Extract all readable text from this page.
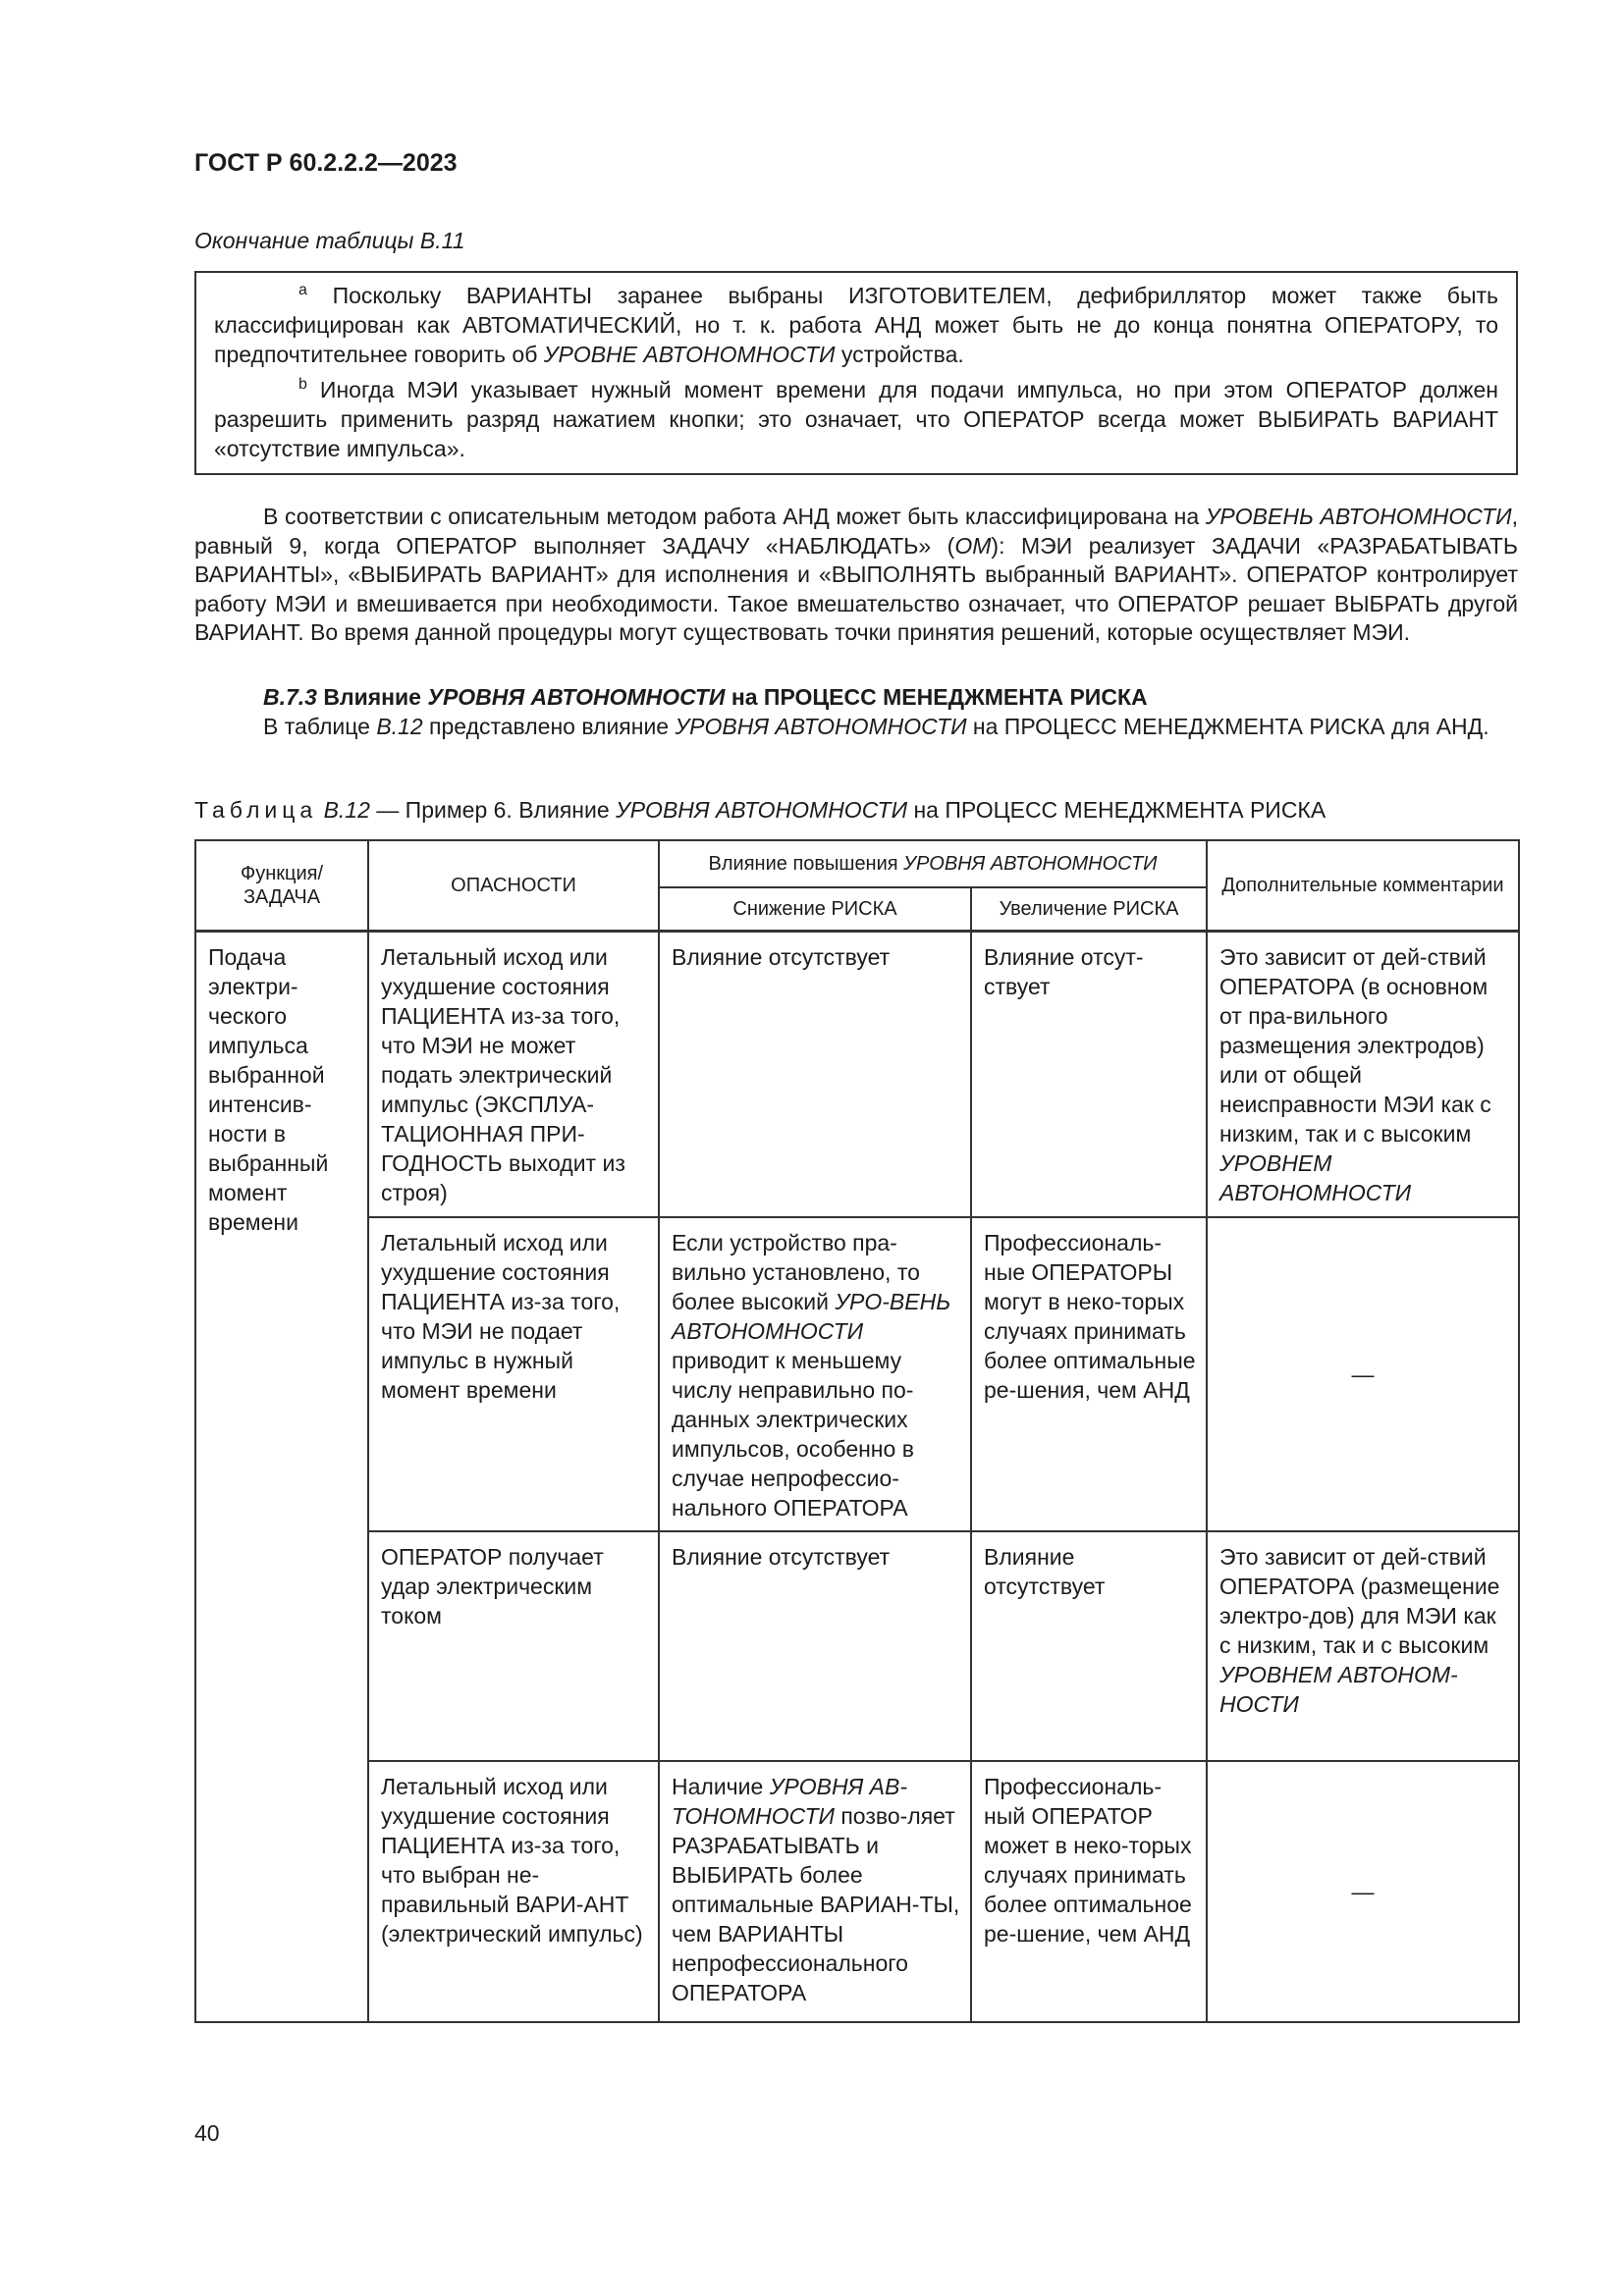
ГОСТ Р 60.2.2.2—2023
Окончание таблицы В.11

$^a$ Поскольку ВАРИАНТЫ заранее выбраны ИЗГОТОВИТЕЛЕМ, дефибриллятор может также быть классифицирован как АВТОМАТИЧЕСКИЙ, но т. к. работа АНД может быть не до конца понятна ОПЕРАТОРУ, то предпочтительнее говорить об УРОВНЕ АВТОНОМНОСТИ устройства.

$^b$ Иногда МЭИ указывает нужный момент времени для подачи импульса, но при этом ОПЕРАТОР должен разрешить применить разряд нажатием кнопки; это означает, что ОПЕРАТОР всегда может ВЫБИРАТЬ ВАРИАНТ «отсутствие импульса».

В соответствии с описательным методом работа АНД может быть классифицирована на УРОВЕНЬ АВТОНОМНОСТИ, равный 9, когда ОПЕРАТОР выполняет ЗАДАЧУ «НАБЛЮДАТЬ» (ОМ): МЭИ реализует ЗАДАЧИ «РАЗРАБАТЫВАТЬ ВАРИАНТЫ», «ВЫБИРАТЬ ВАРИАНТ» для исполнения и «ВЫПОЛНЯТЬ выбранный ВАРИАНТ». ОПЕРАТОР контролирует работу МЭИ и вмешивается при необходимости. Такое вмешательство означает, что ОПЕРАТОР решает ВЫБРАТЬ другой ВАРИАНТ. Во время данной процедуры могут существовать точки принятия решений, которые осуществляет МЭИ.

В.7.3 Влияние УРОВНЯ АВТОНОМНОСТИ на ПРОЦЕСС МЕНЕДЖМЕНТА РИСКА

В таблице В.12 представлено влияние УРОВНЯ АВТОНОМНОСТИ на ПРОЦЕСС МЕНЕДЖМЕНТА РИСКА для АНД.

Таблица В.12 — Пример 6. Влияние УРОВНЯ АВТОНОМНОСТИ на ПРОЦЕСС МЕНЕДЖМЕНТА РИСКА
Функция/ ЗАДАЧА	ОПАСНОСТИ	Влияние повышения УРОВНЯ АВТОНОМНОСТИ		Дополнительные комментарии
		Снижение РИСКА	Увеличение РИСКА	
Подача электри-ческого импульса выбранной интенсив-ности в выбранный момент времени	Летальный исход или ухудшение состояния ПАЦИЕНТА из-за того, что МЭИ не может подать электрический импульс (ЭКСПЛУА-ТАЦИОННАЯ ПРИ-ГОДНОСТЬ выходит из строя)	Влияние отсутствует	Влияние отсут-ствует	Это зависит от дей-ствий ОПЕРАТОРА (в основном от пра-вильного размещения электродов) или от общей неисправности МЭИ как с низким, так и с высоким УРОВНЕМ АВТОНОМНОСТИ
	Летальный исход или ухудшение состояния ПАЦИЕНТА из-за того, что МЭИ не подает импульс в нужный момент времени	Если устройство пра-вильно установлено, то более высокий УРО-ВЕНЬ АВТОНОМНОСТИ приводит к меньшему числу неправильно по-данных электрических импульсов, особенно в случае непрофессио-нального ОПЕРАТОРА	Профессиональ-ные ОПЕРАТОРЫ могут в неко-торых случаях принимать более оптимальные ре-шения, чем АНД	—
	ОПЕРАТОР получает удар электрическим током	Влияние отсутствует	Влияние отсутствует	Это зависит от дей-ствий ОПЕРАТОРА (размещение электро-дов) для МЭИ как с низким, так и с высоким УРОВНЕМ АВТОНОМ-НОСТИ
	Летальный исход или ухудшение состояния ПАЦИЕНТА из-за того, что выбран не-правильный ВАРИ-АНТ (электрический импульс)	Наличие УРОВНЯ АВ-ТОНОМНОСТИ позво-ляет РАЗРАБАТЫВАТЬ и ВЫБИРАТЬ более оптимальные ВАРИАН-ТЫ, чем ВАРИАНТЫ непрофессионального ОПЕРАТОРА	Профессиональ-ный ОПЕРАТОР может в неко-торых случаях принимать более оптимальное ре-шение, чем АНД	—
40
